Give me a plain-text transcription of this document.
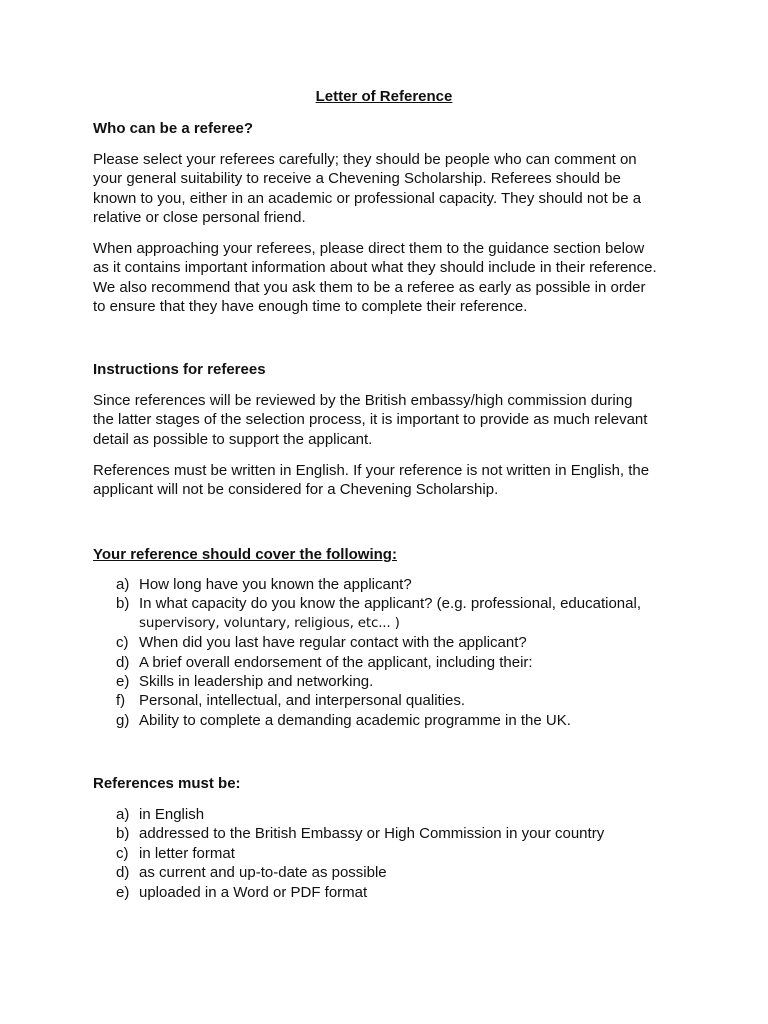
Letter of Reference
Who can be a referee?
Please select your referees carefully; they should be people who can comment on
your general suitability to receive a Chevening Scholarship. Referees should be
known to you, either in an academic or professional capacity. They should not be a
relative or close personal friend.
When approaching your referees, please direct them to the guidance section below
as it contains important information about what they should include in their reference.
We also recommend that you ask them to be a referee as early as possible in order
to ensure that they have enough time to complete their reference.
Instructions for referees
Since references will be reviewed by the British embassy/high commission during
the latter stages of the selection process, it is important to provide as much relevant
detail as possible to support the applicant.
References must be written in English. If your reference is not written in English, the
applicant will not be considered for a Chevening Scholarship.
Your reference should cover the following:
a) How long have you known the applicant?
b) In what capacity do you know the applicant? (e.g. professional, educational,
supervisory, voluntary, religious, etc... )
c) When did you last have regular contact with the applicant?
d) A brief overall endorsement of the applicant, including their:
e) Skills in leadership and networking.
f) Personal, intellectual, and interpersonal qualities.
g) Ability to complete a demanding academic programme in the UK.
References must be:
a) in English
b) addressed to the British Embassy or High Commission in your country
c) in letter format
d) as current and up-to-date as possible
e) uploaded in a Word or PDF format
